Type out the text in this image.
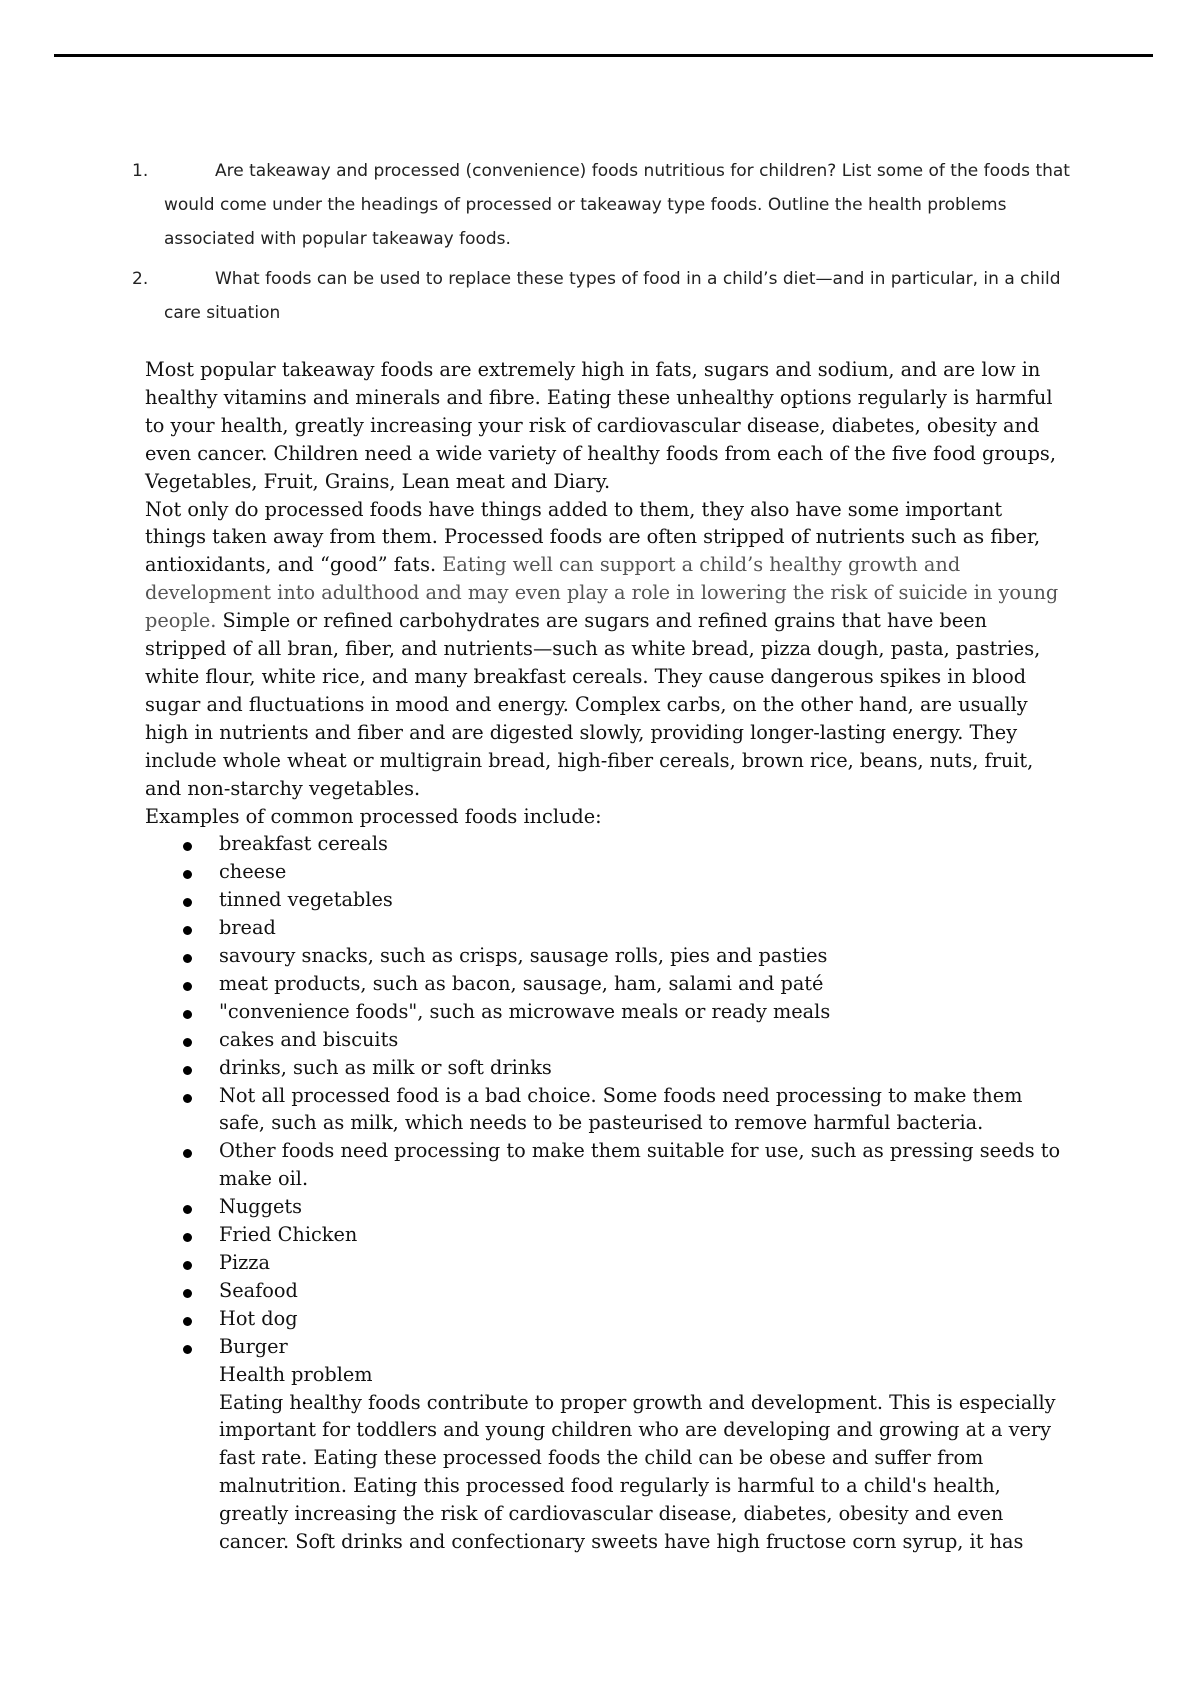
1.	Are takeaway and processed (convenience) foods nutritious for children? List some of the foods that would come under the headings of processed or takeaway type foods. Outline the health problems associated with popular takeaway foods.
2.	What foods can be used to replace these types of food in a child’s diet—and in particular, in a child care situation

Most popular takeaway foods are extremely high in fats, sugars and sodium, and are low in healthy vitamins and minerals and fibre. Eating these unhealthy options regularly is harmful to your health, greatly increasing your risk of cardiovascular disease, diabetes, obesity and even cancer. Children need a wide variety of healthy foods from each of the five food groups, Vegetables, Fruit, Grains, Lean meat and Diary.

Not only do processed foods have things added to them, they also have some important things taken away from them. Processed foods are often stripped of nutrients such as fiber, antioxidants, and “good” fats. Eating well can support a child’s healthy growth and development into adulthood and may even play a role in lowering the risk of suicide in young people. Simple or refined carbohydrates are sugars and refined grains that have been stripped of all bran, fiber, and nutrients—such as white bread, pizza dough, pasta, pastries, white flour, white rice, and many breakfast cereals. They cause dangerous spikes in blood sugar and fluctuations in mood and energy. Complex carbs, on the other hand, are usually high in nutrients and fiber and are digested slowly, providing longer-lasting energy. They include whole wheat or multigrain bread, high-fiber cereals, brown rice, beans, nuts, fruit, and non-starchy vegetables.

Examples of common processed foods include:

breakfast cereals
cheese
tinned vegetables
bread
savoury snacks, such as crisps, sausage rolls, pies and pasties
meat products, such as bacon, sausage, ham, salami and paté
"convenience foods", such as microwave meals or ready meals
cakes and biscuits
drinks, such as milk or soft drinks
Not all processed food is a bad choice. Some foods need processing to make them safe, such as milk, which needs to be pasteurised to remove harmful bacteria.
Other foods need processing to make them suitable for use, such as pressing seeds to make oil.
Nuggets
Fried Chicken
Pizza
Seafood
Hot dog
Burger

Health problem

Eating healthy foods contribute to proper growth and development. This is especially important for toddlers and young children who are developing and growing at a very fast rate. Eating these processed foods the child can be obese and suffer from malnutrition. Eating this processed food regularly is harmful to a child's health, greatly increasing the risk of cardiovascular disease, diabetes, obesity and even cancer. Soft drinks and confectionary sweets have high fructose corn syrup, it has
